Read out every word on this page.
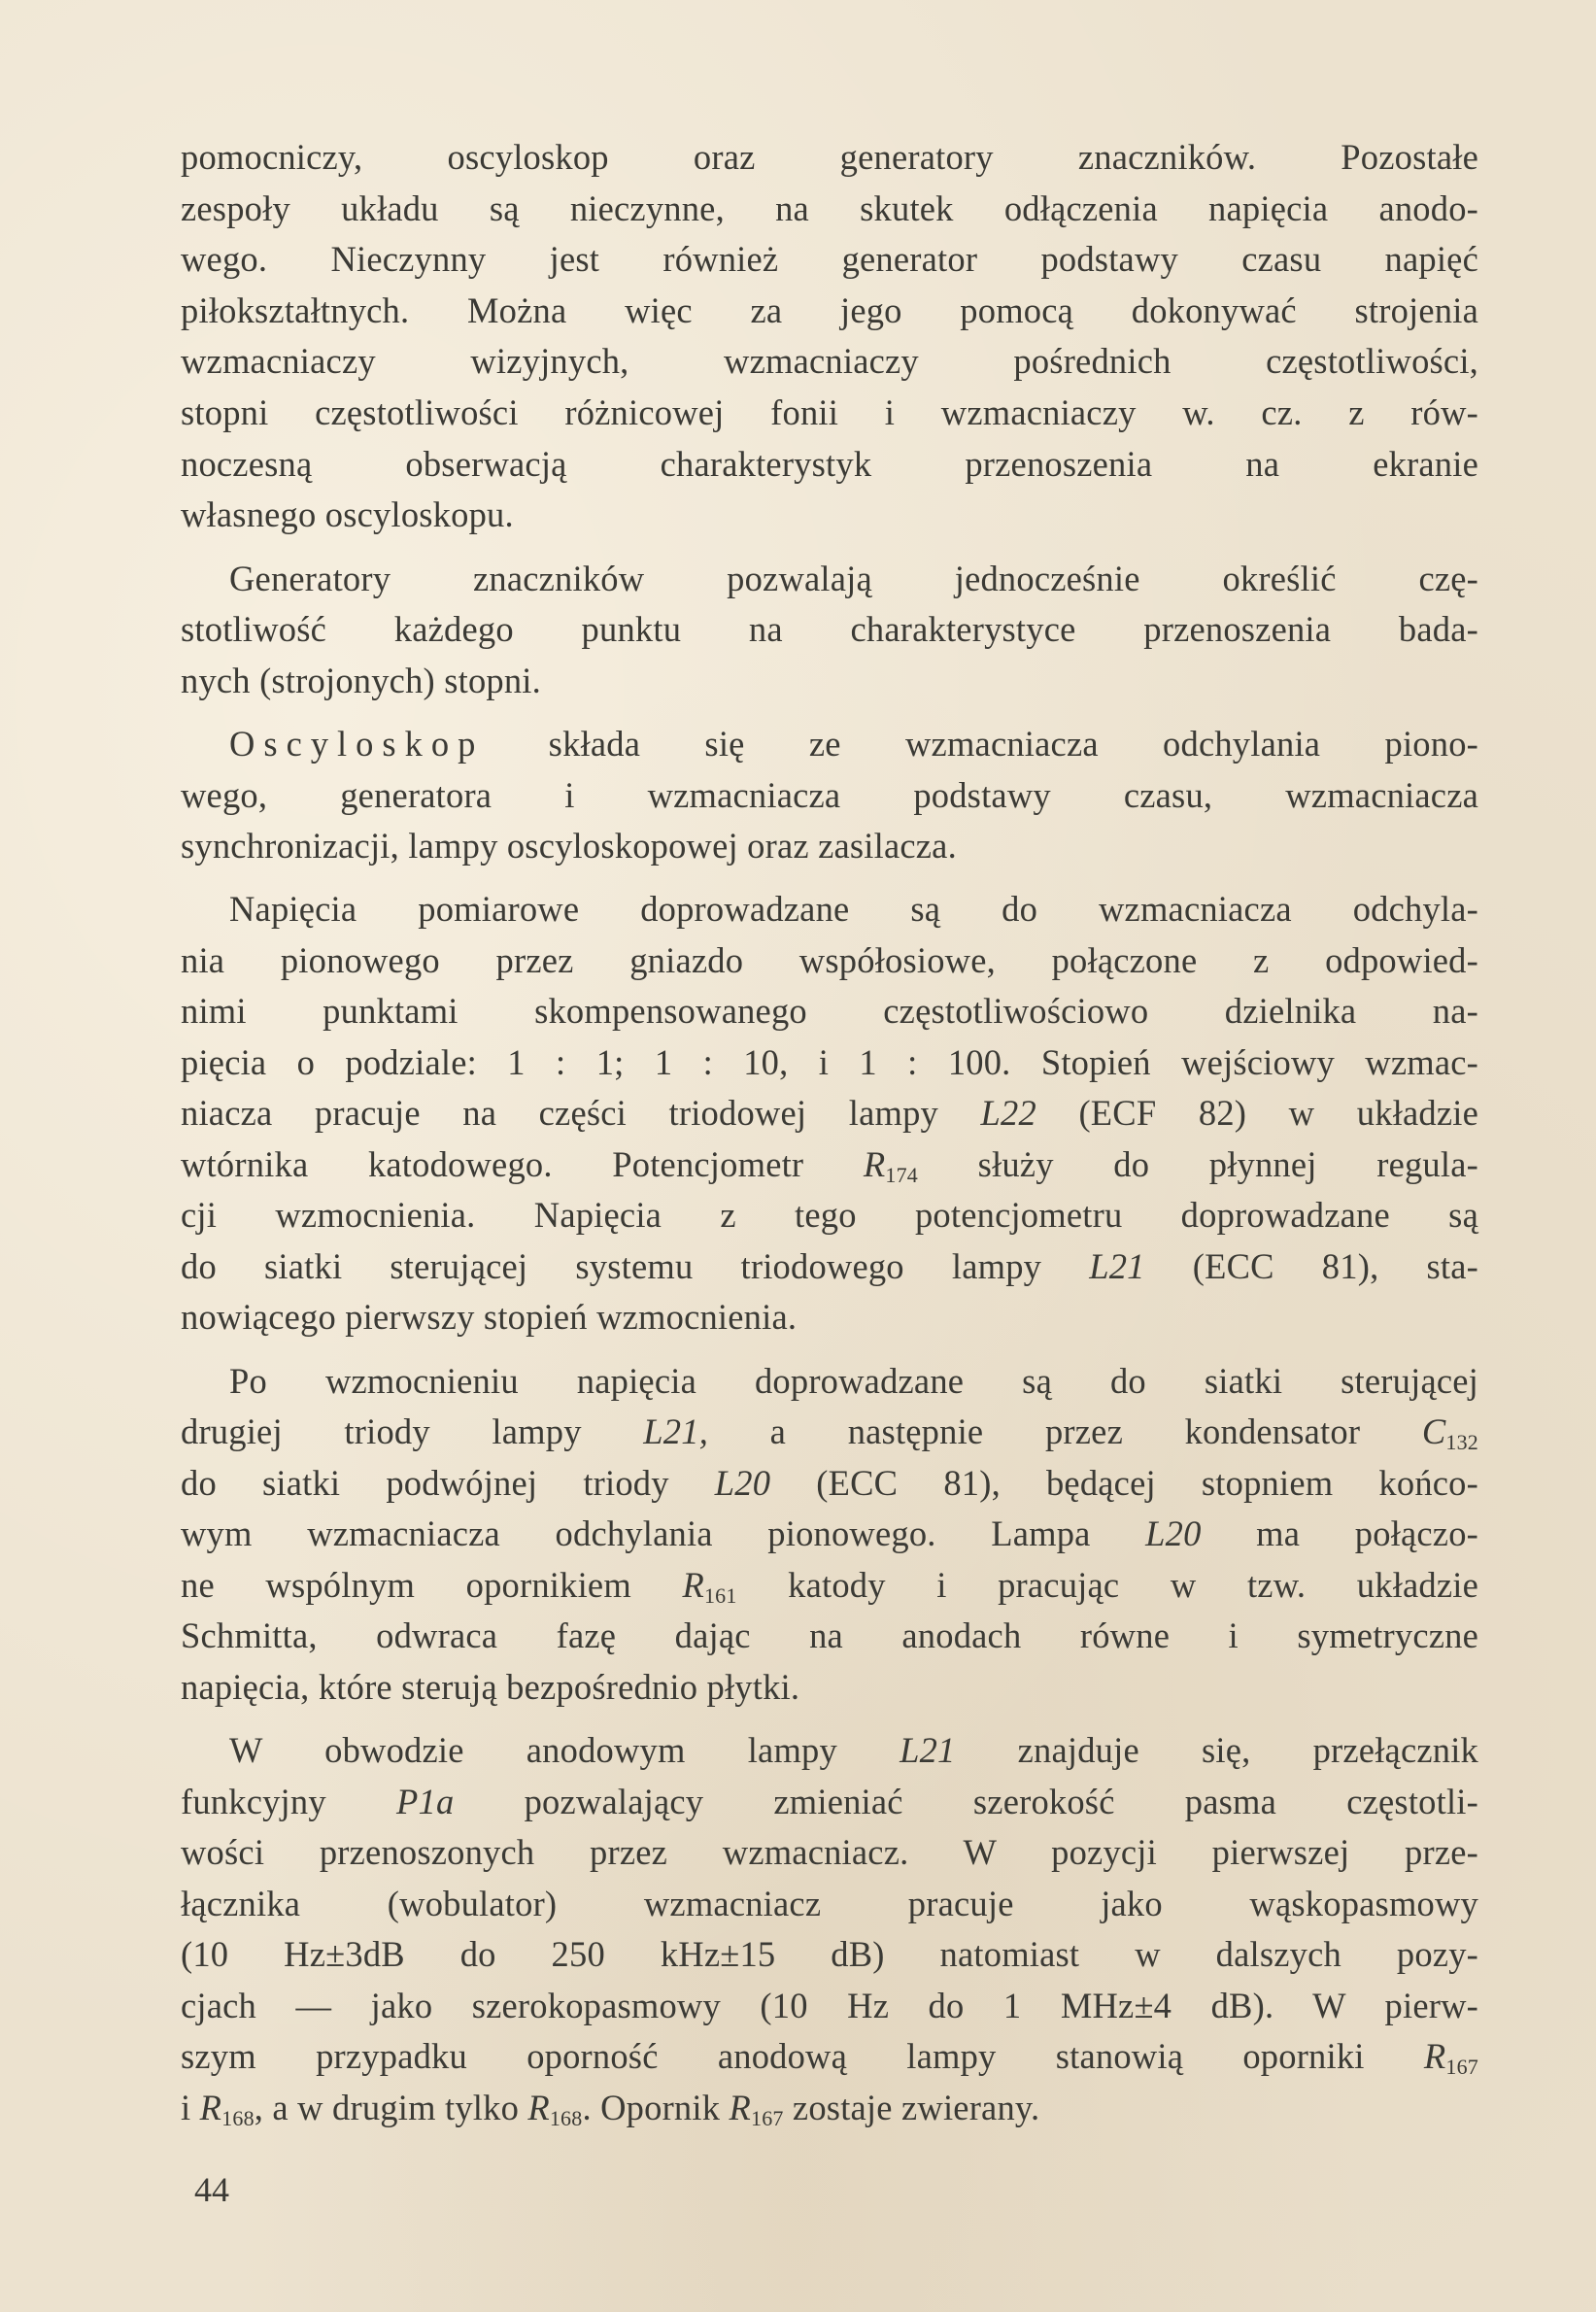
pomocniczy, oscyloskop oraz generatory znaczników. Pozostałe
zespoły układu są nieczynne, na skutek odłączenia napięcia anodo-
wego. Nieczynny jest również generator podstawy czasu napięć
piłokształtnych. Można więc za jego pomocą dokonywać strojenia
wzmacniaczy wizyjnych, wzmacniaczy pośrednich częstotliwości,
stopni częstotliwości różnicowej fonii i wzmacniaczy w. cz. z rów-
noczesną obserwacją charakterystyk przenoszenia na ekranie
własnego oscyloskopu.
Generatory znaczników pozwalają jednocześnie określić czę-
stotliwość każdego punktu na charakterystyce przenoszenia bada-
nych (strojonych) stopni.
Oscyloskop składa się ze wzmacniacza odchylania piono-
wego, generatora i wzmacniacza podstawy czasu, wzmacniacza
synchronizacji, lampy oscyloskopowej oraz zasilacza.
Napięcia pomiarowe doprowadzane są do wzmacniacza odchyla-
nia pionowego przez gniazdo współosiowe, połączone z odpowied-
nimi punktami skompensowanego częstotliwościowo dzielnika na-
pięcia o podziale: 1 : 1; 1 : 10, i 1 : 100. Stopień wejściowy wzmac-
niacza pracuje na części triodowej lampy L22 (ECF 82) w układzie
wtórnika katodowego. Potencjometr $R_{174}$ służy do płynnej regula-
cji wzmocnienia. Napięcia z tego potencjometru doprowadzane są
do siatki sterującej systemu triodowego lampy L21 (ECC 81), sta-
nowiącego pierwszy stopień wzmocnienia.
Po wzmocnieniu napięcia doprowadzane są do siatki sterującej
drugiej triody lampy L21, a następnie przez kondensator $C_{132}$
do siatki podwójnej triody L20 (ECC 81), będącej stopniem końco-
wym wzmacniacza odchylania pionowego. Lampa L20 ma połączo-
ne wspólnym opornikiem $R_{161}$ katody i pracując w tzw. układzie
Schmitta, odwraca fazę dając na anodach równe i symetryczne
napięcia, które sterują bezpośrednio płytki.
W obwodzie anodowym lampy L21 znajduje się, przełącznik
funkcyjny P1a pozwalający zmieniać szerokość pasma częstotli-
wości przenoszonych przez wzmacniacz. W pozycji pierwszej prze-
łącznika (wobulator) wzmacniacz pracuje jako wąskopasmowy
(10 Hz±3dB do 250 kHz±15 dB) natomiast w dalszych pozy-
cjach — jako szerokopasmowy (10 Hz do 1 MHz±4 dB). W pierw-
szym przypadku oporność anodową lampy stanowią oporniki $R_{167}$
i $R_{168}$, a w drugim tylko $R_{168}$. Opornik $R_{167}$ zostaje zwierany.
44
